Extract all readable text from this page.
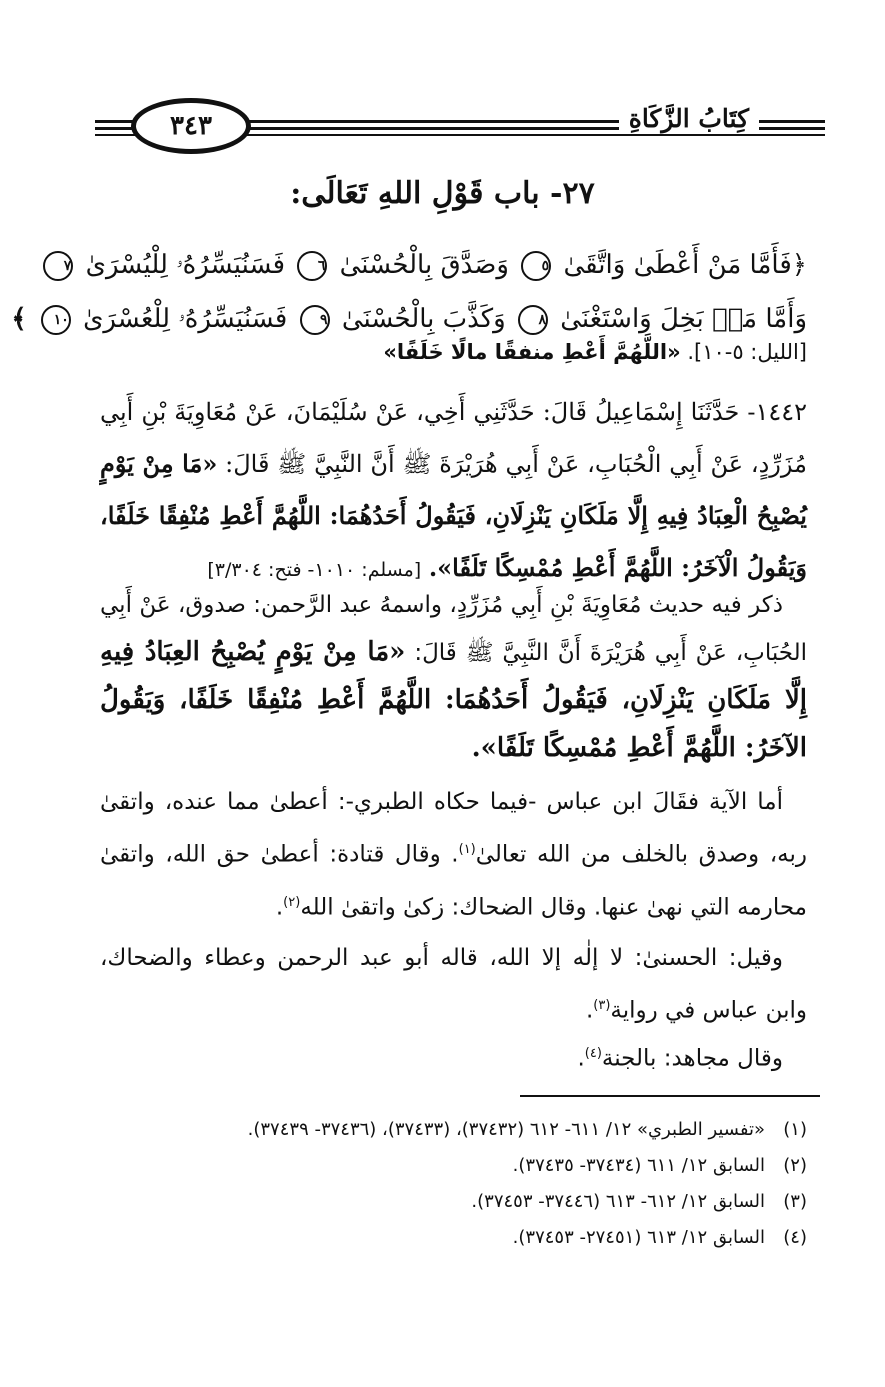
كِتَابُ الزَّكَاةِ
٣٤٣
٢٧- باب قَوْلِ اللهِ تَعَالَى:
﴿فَأَمَّا مَنْ أَعْطَىٰ وَاتَّقَىٰ ٥ وَصَدَّقَ بِالْحُسْنَىٰ ٦ فَسَنُيَسِّرُهُۥ لِلْيُسْرَىٰ ٧
وَأَمَّا مَنۢ بَخِلَ وَاسْتَغْنَىٰ ٨ وَكَذَّبَ بِالْحُسْنَىٰ ٩ فَسَنُيَسِّرُهُۥ لِلْعُسْرَىٰ ١٠ ﴾
[الليل: ٥-١٠]. «اللَّهُمَّ أَعْطِ منفقًا مالًا خَلَفًا»
١٤٤٢- حَدَّثَنَا إِسْمَاعِيلُ قَالَ: حَدَّثَنِي أَخِي، عَنْ سُلَيْمَانَ، عَنْ مُعَاوِيَةَ بْنِ أَبِي مُزَرِّدٍ، عَنْ أَبِي الْحُبَابِ، عَنْ أَبِي هُرَيْرَةَ ﷺ أَنَّ النَّبِيَّ ﷺ قَالَ: «مَا مِنْ يَوْمٍ يُصْبِحُ الْعِبَادُ فِيهِ إِلَّا مَلَكَانِ يَنْزِلَانِ، فَيَقُولُ أَحَدُهُمَا: اللَّهُمَّ أَعْطِ مُنْفِقًا خَلَفًا، وَيَقُولُ الْآخَرُ: اللَّهُمَّ أَعْطِ مُمْسِكًا تَلَفًا». [مسلم: ١٠١٠- فتح: ٣/٣٠٤]
ذكر فيه حديث مُعَاوِيَةَ بْنِ أَبِي مُزَرِّدٍ، واسمهُ عبد الرَّحمن: صدوق، عَنْ أَبِي الحُبَابِ، عَنْ أَبِي هُرَيْرَةَ أَنَّ النَّبِيَّ ﷺ قَالَ: «مَا مِنْ يَوْمٍ يُصْبِحُ العِبَادُ فِيهِ إِلَّا مَلَكَانِ يَنْزِلَانِ، فَيَقُولُ أَحَدُهُمَا: اللَّهُمَّ أَعْطِ مُنْفِقًا خَلَفًا، وَيَقُولُ الآخَرُ: اللَّهُمَّ أَعْطِ مُمْسِكًا تَلَفًا».
أما الآية فقَالَ ابن عباس -فيما حكاه الطبري-: أعطىٰ مما عنده، واتقىٰ ربه، وصدق بالخلف من الله تعالىٰ$^{(١)}$. وقال قتادة: أعطىٰ حق الله، واتقىٰ محارمه التي نهىٰ عنها. وقال الضحاك: زكىٰ واتقىٰ الله$^{(٢)}$.
وقيل: الحسنىٰ: لا إلٰه إلا الله، قاله أبو عبد الرحمن وعطاء والضحاك، وابن عباس في رواية$^{(٣)}$.
وقال مجاهد: بالجنة$^{(٤)}$.
(١)«تفسير الطبري» ١٢/ ٦١١- ٦١٢ (٣٧٤٣٢)، (٣٧٤٣٣)، (٣٧٤٣٦- ٣٧٤٣٩).
(٢)السابق ١٢/ ٦١١ (٣٧٤٣٤- ٣٧٤٣٥).
(٣)السابق ١٢/ ٦١٢- ٦١٣ (٣٧٤٤٦- ٣٧٤٥٣).
(٤)السابق ١٢/ ٦١٣ (٢٧٤٥١- ٣٧٤٥٣).
